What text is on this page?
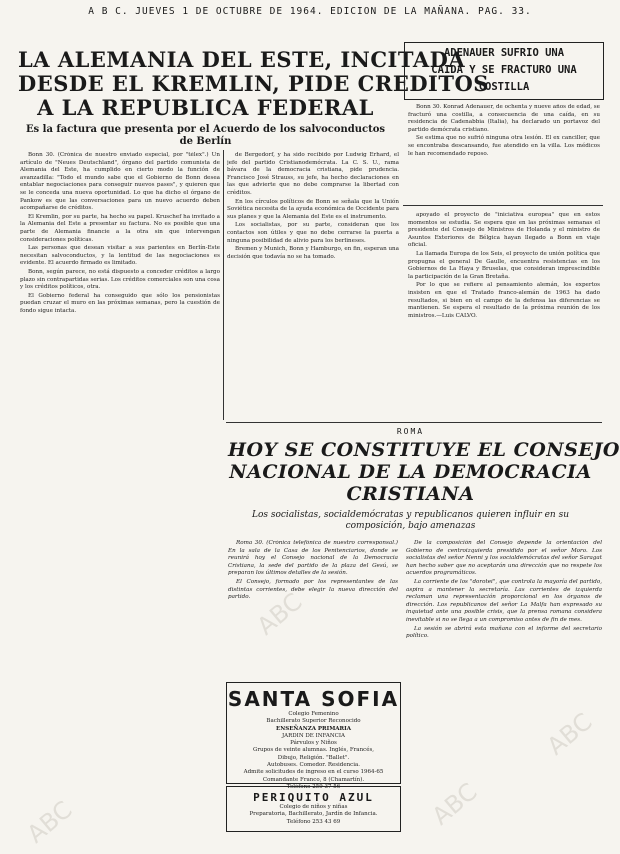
A B C. JUEVES 1 DE OCTUBRE DE 1964. EDICION DE LA MAÑANA. PAG. 33.
LA ALEMANIA DEL ESTE, INCITADA
DESDE EL KREMLIN, PIDE CREDITOS
A LA REPUBLICA FEDERAL
Es la factura que presenta por el Acuerdo de los salvoconductos de Berlín

Bonn 30. (Crónica de nuestro enviado especial, por "télex".) Un artículo de "Neues Deutschland", órgano del partido comunista de Alemania del Este, ha cumplido en cierto modo la función de avanzadilla: "Todo el mundo sabe que el Gobierno de Bonn desea entablar negociaciones para conseguir nuevos pases", y quieren que se le conceda una nueva oportunidad. Lo que ha dicho el órgano de Pankow es que las conversaciones para un nuevo acuerdo deben acompañarse de créditos.

El Kremlin, por su parte, ha hecho su papel. Kruschef ha invitado a la Alemania del Este a presentar su factura. No es posible que una parte de Alemania financie a la otra sin que intervengan consideraciones políticas.

Las personas que desean visitar a sus parientes en Berlín-Este necesitan salvoconductos, y la lentitud de las negociaciones es evidente. El acuerdo firmado es limitado.

Bonn, según parece, no está dispuesto a conceder créditos a largo plazo sin contrapartidas serias. Los créditos comerciales son una cosa y los créditos políticos, otra.

El Gobierno federal ha conseguido que sólo los pensionistas puedan cruzar el muro en las próximas semanas, pero la cuestión de fondo sigue intacta.

de Bergedorf, y ha sido recibido por Ludwig Erhard, el jefe del partido Cristianodemócrata. La C. S. U., rama bávara de la democracia cristiana, pide prudencia. Francisco José Strauss, su jefe, ha hecho declaraciones en las que advierte que no debe comprarse la libertad con créditos.

En los círculos políticos de Bonn se señala que la Unión Soviética necesita de la ayuda económica de Occidente para sus planes y que la Alemania del Este es el instrumento.

Los socialistas, por su parte, consideran que los contactos son útiles y que no debe cerrarse la puerta a ninguna posibilidad de alivio para los berlineses.

Bremen y Munich, Bonn y Hamburgo, en fin, esperan una decisión que todavía no se ha tomado.

ADENAUER SUFRIO UNA
CAIDA Y SE FRACTURO UNA
COSTILLA

Bonn 30. Konrad Adenauer, de ochenta y nueve años de edad, se fracturó una costilla, a consecuencia de una caída, en su residencia de Cadenabbia (Italia), ha declarado un portavoz del partido demócrata cristiano.

Se estima que no sufrió ninguna otra lesión. El ex canciller, que se encontraba descansando, fue atendido en la villa. Los médicos le han recomendado reposo.

apoyado el proyecto de "iniciativa europea" que en estos momentos se estudia. Se espera que en las próximas semanas el presidente del Consejo de Ministros de Holanda y el ministro de Asuntos Exteriores de Bélgica hayan llegado a Bonn en viaje oficial.

La llamada Europa de los Seis, el proyecto de unión política que propugna el general De Gaulle, encuentra resistencias en los Gobiernos de La Haya y Bruselas, que consideran imprescindible la participación de la Gran Bretaña.

Por lo que se refiere al pensamiento alemán, los expertos insisten en que el Tratado franco-alemán de 1963 ha dado resultados, si bien en el campo de la defensa las diferencias se mantienen. Se espera el resultado de la próxima reunión de los ministros.—Luis CALVO.

ROMA
HOY SE CONSTITUYE EL CONSEJO
NACIONAL DE LA DEMOCRACIA
CRISTIANA
Los socialistas, socialdemócratas y republicanos quieren influir en su composición, bajo amenazas

Roma 30. (Crónica telefónica de nuestro corresponsal.) En la sala de la Casa de los Penitenciarios, donde se reunirá hoy el Consejo nacional de la Democracia Cristiana, la sede del partido de la plaza del Gesú, se preparan los últimos detalles de la sesión.

El Consejo, formado por los representantes de las distintas corrientes, debe elegir la nueva dirección del partido.

De la composición del Consejo depende la orientación del Gobierno de centroizquierda presidido por el señor Moro. Los socialistas del señor Nenni y los socialdemócratas del señor Saragat han hecho saber que no aceptarán una dirección que no respete los acuerdos programáticos.

La corriente de los "dorotei", que controla la mayoría del partido, aspira a mantener la secretaría. Las corrientes de izquierda reclaman una representación proporcional en los órganos de dirección. Los republicanos del señor La Malfa han expresado su inquietud ante una posible crisis, que la prensa romana considera inevitable si no se llega a un compromiso antes de fin de mes.

La sesión se abrirá esta mañana con el informe del secretario político.

SANTA SOFIA
Colegio Femenino
Bachillerato Superior Reconocido
ENSEÑANZA PRIMARIA
JARDIN DE INFANCIA
Párvulos y Niños
Grupos de veinte alumnas. Inglés, Francés,
Dibujo, Religión. "Ballet".
Autobuses. Comedor. Residencia.
Admite solicitudes de ingreso en el curso 1964-65
Comandante Franco, 8 (Chamartín).
Teléfono 259 37 56
PERIQUITO AZUL
Colegio de niños y niñas
Preparatoria, Bachillerato, Jardín de Infancia.
Teléfono 253 43 69
ABC
ABC
ABC
ABC
